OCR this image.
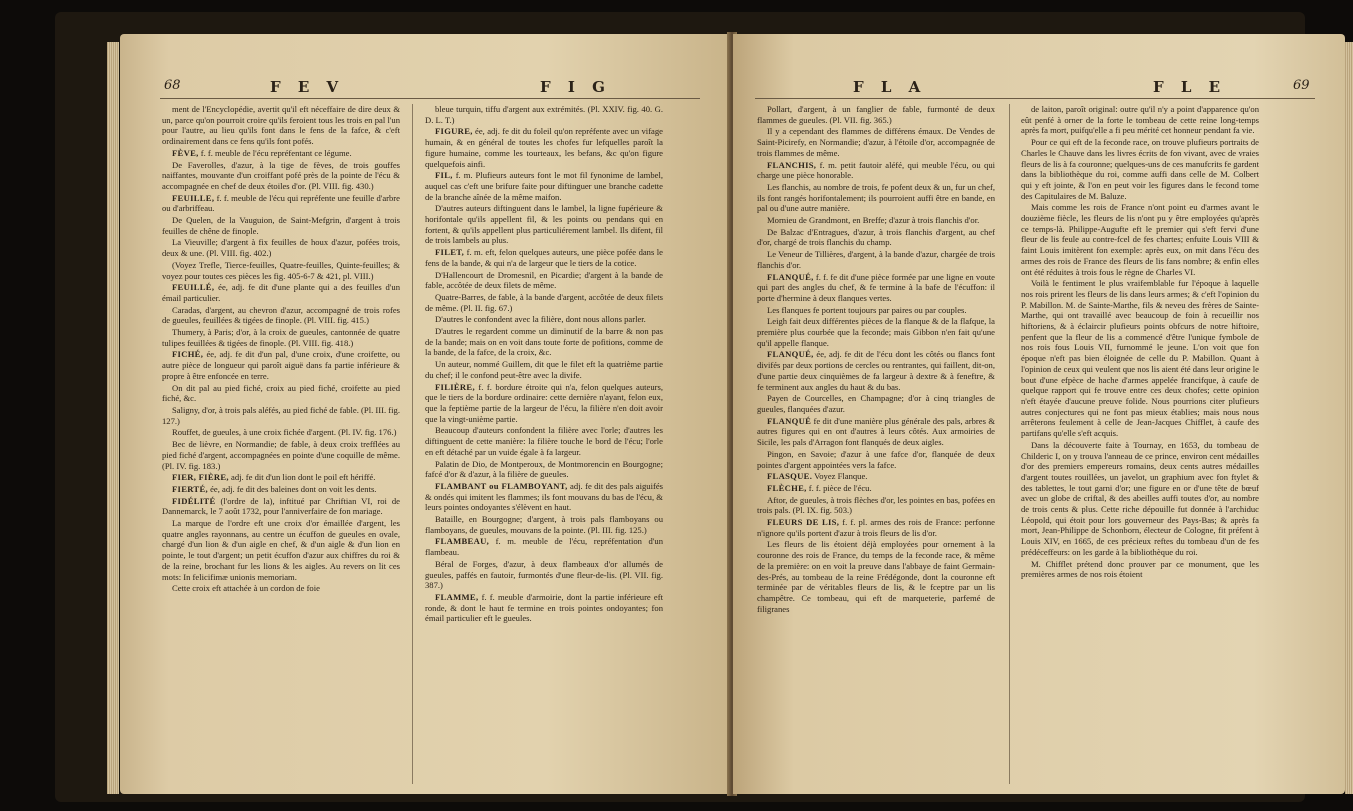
68	F E V	F I G

ment de l'Encyclopédie, avertit qu'il eft néceffaire de dire deux & un, parce qu'on pourroit croire qu'ils feroient tous les trois en pal l'un pour l'autre, au lieu qu'ils font dans le fens de la fafce, & c'eft ordinairement dans ce fens qu'ils font pofés.

FÈVE, f. f. meuble de l'écu repréfentant ce légume.

De Faverolles, d'azur, à la tige de fèves, de trois gouffes naiffantes, mouvante d'un croiffant pofé près de la pointe de l'écu & accompagnée en chef de deux étoiles d'or. (Pl. VIII. fig. 430.)

FEUILLE, f. f. meuble de l'écu qui repréfente une feuille d'arbre ou d'arbriffeau.

De Quelen, de la Vauguion, de Saint-Mefgrin, d'argent à trois feuilles de chêne de finople.

La Vieuville; d'argent à fix feuilles de houx d'azur, pofées trois, deux & une. (Pl. VIII. fig. 402.)

(Voyez Trefle, Tierce-feuilles, Quatre-feuilles, Quinte-feuilles; & voyez pour toutes ces pièces les fig. 405-6-7 & 421, pl. VIII.)

FEUILLÉ, ée, adj. fe dit d'une plante qui a des feuilles d'un émail particulier.

Caradas, d'argent, au chevron d'azur, accompagné de trois rofes de gueules, feuillées & tigées de finople. (Pl. VIII. fig. 415.)

Thumery, à Paris; d'or, à la croix de gueules, cantonnée de quatre tulipes feuillées & tigées de finople. (Pl. VIII. fig. 418.)

FICHÉ, ée, adj. fe dit d'un pal, d'une croix, d'une croifette, ou autre pièce de longueur qui paroît aiguë dans fa partie inférieure & propre à être enfoncée en terre.

On dit pal au pied fiché, croix au pied fiché, croifette au pied fiché, &c.

Saligny, d'or, à trois pals aléfés, au pied fiché de fable. (Pl. III. fig. 127.)

Rouffet, de gueules, à une croix fichée d'argent. (Pl. IV. fig. 176.)

Bec de lièvre, en Normandie; de fable, à deux croix trefflées au pied fiché d'argent, accompagnées en pointe d'une coquille de même. (Pl. IV. fig. 183.)

FIER, FIÈRE, adj. fe dit d'un lion dont le poil eft hériffé.

FIERTÉ, ée, adj. fe dit des baleines dont on voit les dents.

FIDÉLITÉ (l'ordre de la), inftitué par Chriftian VI, roi de Dannemarck, le 7 août 1732, pour l'anniverfaire de fon mariage.

La marque de l'ordre eft une croix d'or émaillée d'argent, les quatre angles rayonnans, au centre un écuffon de gueules en ovale, chargé d'un lion & d'un aigle en chef, & d'un aigle & d'un lion en pointe, le tout d'argent; un petit écuffon d'azur aux chiffres du roi & de la reine, brochant fur les lions & les aigles. Au revers on lit ces mots: In felicifimæ unionis memoriam.

Cette croix eft attachée à un cordon de foie

bleue turquin, tiffu d'argent aux extrémités. (Pl. XXIV. fig. 40. G. D. L. T.)

FIGURE, ée, adj. fe dit du foleil qu'on repréfente avec un vifage humain, & en général de toutes les chofes fur lefquelles paroît la figure humaine, comme les tourteaux, les befans, &c qu'on figure quelquefois ainfi.

FIL, f. m. Plufieurs auteurs font le mot fil fynonime de lambel, auquel cas c'eft une brifure faite pour diftinguer une branche cadette de la branche aînée de la même maifon.

D'autres auteurs diftinguent dans le lambel, la ligne fupérieure & horifontale qu'ils appellent fil, & les points ou pendans qui en fortent, & qu'ils appellent plus particuliérement lambel. Ils difent, fil de trois lambels au plus.

FILET, f. m. eft, felon quelques auteurs, une pièce pofée dans le fens de la bande, & qui n'a de largeur que le tiers de la cotice.

D'Hallencourt de Dromesnil, en Picardie; d'argent à la bande de fable, accôtée de deux filets de même.

Quatre-Barres, de fable, à la bande d'argent, accôtée de deux filets de même. (Pl. II. fig. 67.)

D'autres le confondent avec la filière, dont nous allons parler.

D'autres le regardent comme un diminutif de la barre & non pas de la bande; mais on en voit dans toute forte de pofitions, comme de la bande, de la fafce, de la croix, &c.

Un auteur, nommé Guillem, dit que le filet eft la quatrième partie du chef; il le confond peut-être avec la divife.

FILIÈRE, f. f. bordure étroite qui n'a, felon quelques auteurs, que le tiers de la bordure ordinaire: cette dernière n'ayant, felon eux, que la feptième partie de la largeur de l'écu, la filière n'en doit avoir que la vingt-unième partie.

Beaucoup d'auteurs confondent la filière avec l'orle; d'autres les diftinguent de cette manière: la filière touche le bord de l'écu; l'orle en eft détaché par un vuide égale à fa largeur.

Palatin de Dio, de Montperoux, de Montmorencin en Bourgogne; fafcé d'or & d'azur, à la filière de gueules.

FLAMBANT ou FLAMBOYANT, adj. fe dit des pals aiguifés & ondés qui imitent les flammes; ils font mouvans du bas de l'écu, & leurs pointes ondoyantes s'élèvent en haut.

Bataille, en Bourgogne; d'argent, à trois pals flamboyans ou flamboyans, de gueules, mouvans de la pointe. (Pl. III. fig. 125.)

FLAMBEAU, f. m. meuble de l'écu, repréfentation d'un flambeau.

Béral de Forges, d'azur, à deux flambeaux d'or allumés de gueules, paffés en fautoir, furmontés d'une fleur-de-lis. (Pl. VII. fig. 387.)

FLAMME, f. f. meuble d'armoirie, dont la partie inférieure eft ronde, & dont le haut fe termine en trois pointes ondoyantes; fon émail particulier eft le gueules.

F L A	F L E	69

Pollart, d'argent, à un fanglier de fable, furmonté de deux flammes de gueules. (Pl. VII. fig. 365.)

Il y a cependant des flammes de différens émaux. De Vendes de Saint-Picirefy, en Normandie; d'azur, à l'étoile d'or, accompagnée de trois flammes de même.

FLANCHIS, f. m. petit fautoir aléfé, qui meuble l'écu, ou qui charge une pièce honorable.

Les flanchis, au nombre de trois, fe pofent deux & un, fur un chef, ils font rangés horifontalement; ils pourroient auffi être en bande, en pal ou d'une autre manière.

Mornieu de Grandmont, en Breffe; d'azur à trois flanchis d'or.

De Balzac d'Entragues, d'azur, à trois flanchis d'argent, au chef d'or, chargé de trois flanchis du champ.

Le Veneur de Tillières, d'argent, à la bande d'azur, chargée de trois flanchis d'or.

FLANQUÉ, f. f. fe dit d'une pièce formée par une ligne en voute qui part des angles du chef, & fe termine à la bafe de l'écuffon: il porte d'hermine à deux flanques vertes.

Les flanques fe portent toujours par paires ou par couples.

Leigh fait deux différentes pièces de la flanque & de la flafque, la première plus courbée que la feconde; mais Gibbon n'en fait qu'une qu'il appelle flanque.

FLANQUÉ, ée, adj. fe dit de l'écu dont les côtés ou flancs font divifés par deux portions de cercles ou rentrantes, qui faillent, dit-on, d'une partie deux cinquièmes de fa largeur à dextre & à feneftre, & fe terminent aux angles du haut & du bas.

Payen de Courcelles, en Champagne; d'or à cinq triangles de gueules, flanquées d'azur.

FLANQUÉ fe dit d'une manière plus générale des pals, arbres & autres figures qui en ont d'autres à leurs côtés. Aux armoiries de Sicile, les pals d'Arragon font flanqués de deux aigles.

Pingon, en Savoie; d'azur à une fafce d'or, flanquée de deux pointes d'argent appointées vers la fafce.

FLASQUE. Voyez Flanque.

FLÈCHE, f. f. pièce de l'écu.

Aftor, de gueules, à trois flèches d'or, les pointes en bas, pofées en trois pals. (Pl. IX. fig. 503.)

FLEURS DE LIS, f. f. pl. armes des rois de France: perfonne n'ignore qu'ils portent d'azur à trois fleurs de lis d'or.

Les fleurs de lis étoient déjà employées pour ornement à la couronne des rois de France, du temps de la feconde race, & même de la première: on en voit la preuve dans l'abbaye de faint Germain-des-Prés, au tombeau de la reine Frédégonde, dont la couronne eft terminée par de véritables fleurs de lis, & le fceptre par un lis champêtre. Ce tombeau, qui eft de marqueterie, parfemé de filigranes

de laiton, paroît original: outre qu'il n'y a point d'apparence qu'on eût penfé à orner de la forte le tombeau de cette reine long-temps après fa mort, puifqu'elle a fi peu mérité cet honneur pendant fa vie.

Pour ce qui eft de la feconde race, on trouve plufieurs portraits de Charles le Chauve dans les livres écrits de fon vivant, avec de vraies fleurs de lis à fa couronne; quelques-uns de ces manufcrits fe gardent dans la bibliothèque du roi, comme auffi dans celle de M. Colbert qui y eft jointe, & l'on en peut voir les figures dans le fecond tome des Capitulaires de M. Baluze.

Mais comme les rois de France n'ont point eu d'armes avant le douzième fiècle, les fleurs de lis n'ont pu y être employées qu'après ce temps-là. Philippe-Augufte eft le premier qui s'eft fervi d'une fleur de lis feule au contre-fcel de fes chartes; enfuite Louis VIII & faint Louis imitèrent fon exemple: après eux, on mit dans l'écu des armes des rois de France des fleurs de lis fans nombre; & enfin elles ont été réduites à trois fous le règne de Charles VI.

Voilà le fentiment le plus vraifemblable fur l'époque à laquelle nos rois prirent les fleurs de lis dans leurs armes; & c'eft l'opinion du P. Mabillon. M. de Sainte-Marthe, fils & neveu des frères de Sainte-Marthe, qui ont travaillé avec beaucoup de foin à recueillir nos hiftoriens, & à éclaircir plufieurs points obfcurs de notre hiftoire, penfent que la fleur de lis a commencé d'être l'unique fymbole de nos rois fous Louis VII, furnommé le jeune. L'on voit que fon époque n'eft pas bien éloignée de celle du P. Mabillon. Quant à l'opinion de ceux qui veulent que nos lis aient été dans leur origine le bout d'une efpèce de hache d'armes appelée francifque, à caufe de quelque rapport qui fe trouve entre ces deux chofes; cette opinion n'eft étayée d'aucune preuve folide. Nous pourrions citer plufieurs autres conjectures qui ne font pas mieux établies; mais nous nous arrêterons feulement à celle de Jean-Jacques Chifflet, à caufe des partifans qu'elle s'eft acquis.

Dans la découverte faite à Tournay, en 1653, du tombeau de Childeric I, on y trouva l'anneau de ce prince, environ cent médailles d'or des premiers empereurs romains, deux cents autres médailles d'argent toutes rouillées, un javelot, un graphium avec fon ftylet & des tablettes, le tout garni d'or; une figure en or d'une tête de bœuf avec un globe de criftal, & des abeilles auffi toutes d'or, au nombre de trois cents & plus. Cette riche dépouille fut donnée à l'archiduc Léopold, qui étoit pour lors gouverneur des Pays-Bas; & après fa mort, Jean-Philippe de Schonborn, électeur de Cologne, fit préfent à Louis XIV, en 1665, de ces précieux reftes du tombeau d'un de fes prédéceffeurs: on les garde à la bibliothèque du roi.

M. Chifflet prétend donc prouver par ce monument, que les premières armes de nos rois étoient
